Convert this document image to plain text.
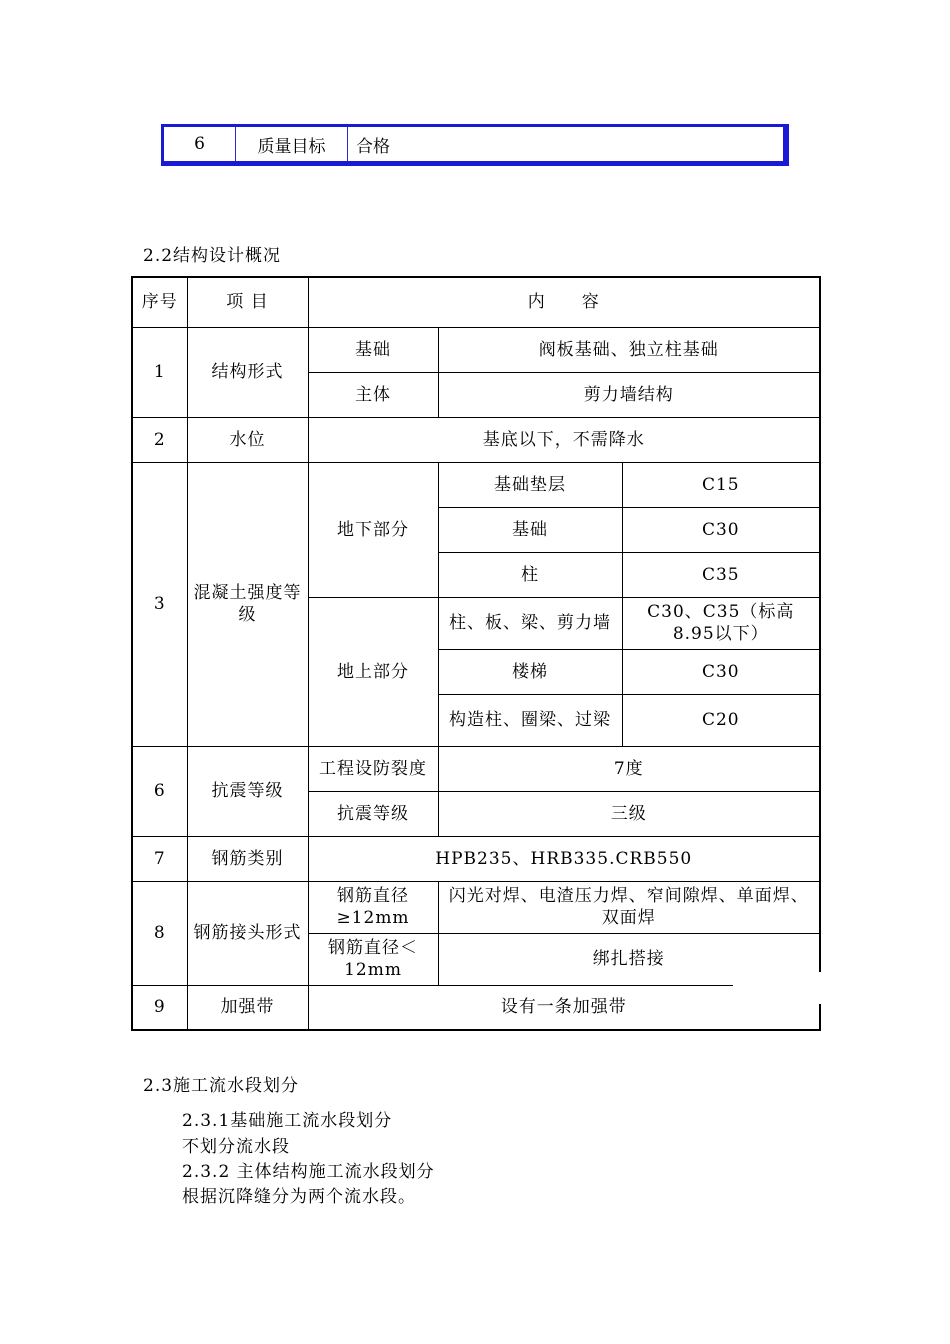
6	质量目标	合格
2.2结构设计概况
序号	项 目	内　　容		
1	结构形式	基础	阀板基础、独立柱基础	
		主体	剪力墙结构	
2	水位	基底以下，不需降水		
3	混凝土强度等级	地下部分	基础垫层	C15
			基础	C30
			柱	C35
		地上部分	柱、板、梁、剪力墙	C30、C35（标高8.95以下）
			楼梯	C30
			构造柱、圈梁、过梁	C20
6	抗震等级	工程设防裂度	7度	
		抗震等级	三级	
7	钢筋类别	HPB235、HRB335.CRB550		
8	钢筋接头形式	钢筋直径≥12mm	闪光对焊、电渣压力焊、窄间隙焊、单面焊、双面焊	
		钢筋直径＜12mm	绑扎搭接	
9	加强带	设有一条加强带		
2.3施工流水段划分
2.3.1基础施工流水段划分
不划分流水段
2.3.2 主体结构施工流水段划分
根据沉降缝分为两个流水段。
